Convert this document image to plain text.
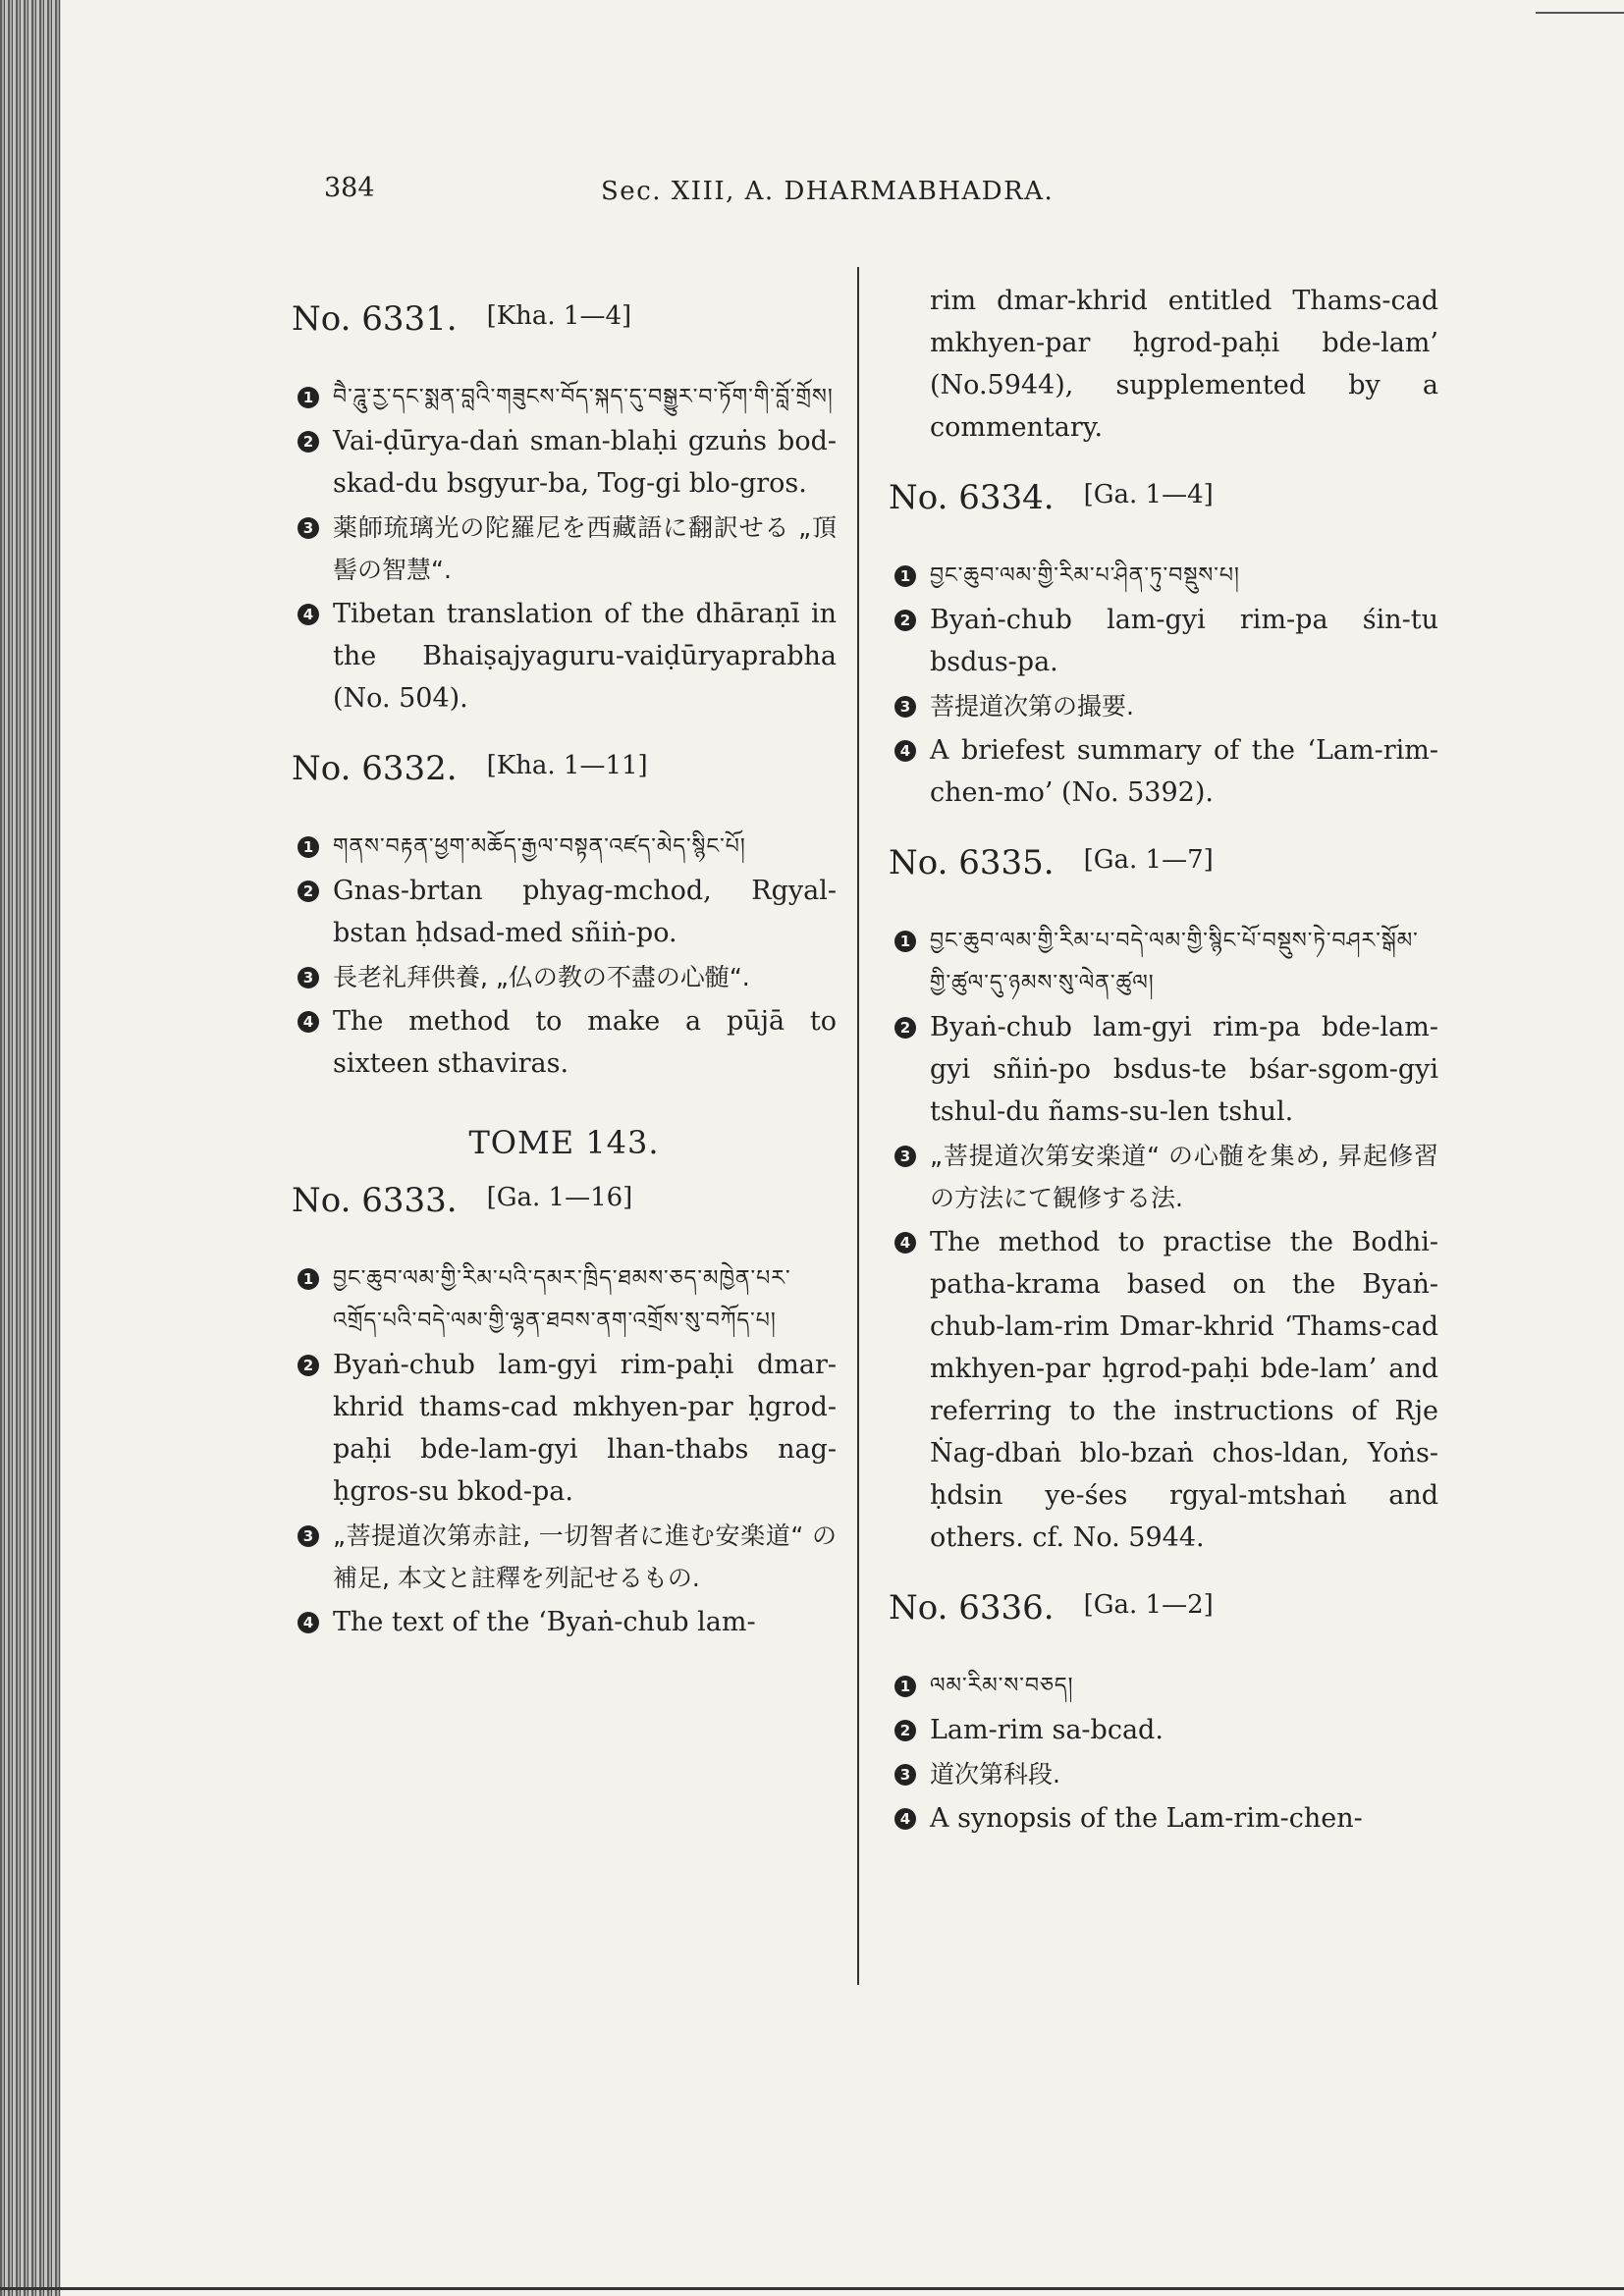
384	Sec. XIII, A. DHARMABHADRA.
No. 6331. [Kha. 1—4]
1 བཻ་ཌཱུ་རྱ་དང་སྨན་བླའི་གཟུངས་བོད་སྐད་དུ་བསྒྱུར་བ་ཏོག་གི་བློ་གྲོས།
2 Vai-ḍūrya-daṅ sman-blaḥi gzuṅs bod-skad-du bsgyur-ba, Tog-gi blo-gros.
3 薬師琉璃光の陀羅尼を西藏語に翻訳せる „頂髻の智慧“.
4 Tibetan translation of the dhāraṇī in the Bhaiṣajyaguru-vaiḍūryaprabha (No. 504).
No. 6332. [Kha. 1—11]
1 གནས་བརྟན་ཕྱག་མཆོད་རྒྱལ་བསྟན་འཛད་མེད་སྙིང་པོ།
2 Gnas-brtan phyag-mchod, Rgyal-bstan ḥdsad-med sñiṅ-po.
3 長老礼拜供養, „仏の教の不盡の心髄“.
4 The method to make a pūjā to sixteen sthaviras.
TOME 143.
No. 6333. [Ga. 1—16]
1 བྱང་ཆུབ་ལམ་གྱི་རིམ་པའི་དམར་ཁྲིད་ཐམས་ཅད་མཁྱེན་པར་འགྲོད་པའི་བདེ་ལམ་གྱི་ལྷན་ཐབས་ནག་འགྲོས་སུ་བཀོད་པ།
2 Byaṅ-chub lam-gyi rim-paḥi dmar-khrid thams-cad mkhyen-par ḥgrod-paḥi bde-lam-gyi lhan-thabs nag-ḥgros-su bkod-pa.
3 „菩提道次第赤註, 一切智者に進む安楽道“ の補足, 本文と註釋を列記せるもの.
4 The text of the ‘Byaṅ-chub lam-
rim dmar-khrid entitled Thams-cad mkhyen-par ḥgrod-paḥi bde-lam’ (No.5944), supplemented by a commentary.
No. 6334. [Ga. 1—4]
1 བྱང་ཆུབ་ལམ་གྱི་རིམ་པ་ཤིན་ཏུ་བསྡུས་པ།
2 Byaṅ-chub lam-gyi rim-pa śin-tu bsdus-pa.
3 菩提道次第の撮要.
4 A briefest summary of the ‘Lam-rim-chen-mo’ (No. 5392).
No. 6335. [Ga. 1—7]
1 བྱང་ཆུབ་ལམ་གྱི་རིམ་པ་བདེ་ལམ་གྱི་སྙིང་པོ་བསྡུས་ཏེ་བཤར་སྒོམ་གྱི་ཚུལ་དུ་ཉམས་སུ་ལེན་ཚུལ།
2 Byaṅ-chub lam-gyi rim-pa bde-lam-gyi sñiṅ-po bsdus-te bśar-sgom-gyi tshul-du ñams-su-len tshul.
3 „菩提道次第安楽道“ の心髄を集め, 昇起修習の方法にて観修する法.
4 The method to practise the Bodhi-patha-krama based on the Byaṅ-chub-lam-rim Dmar-khrid ‘Thams-cad mkhyen-par ḥgrod-paḥi bde-lam’ and referring to the instructions of Rje Ṅag-dbaṅ blo-bzaṅ chos-ldan, Yoṅs-ḥdsin ye-śes rgyal-mtshaṅ and others. cf. No. 5944.
No. 6336. [Ga. 1—2]
1 ལམ་རིམ་ས་བཅད།
2 Lam-rim sa-bcad.
3 道次第科段.
4 A synopsis of the Lam-rim-chen-
